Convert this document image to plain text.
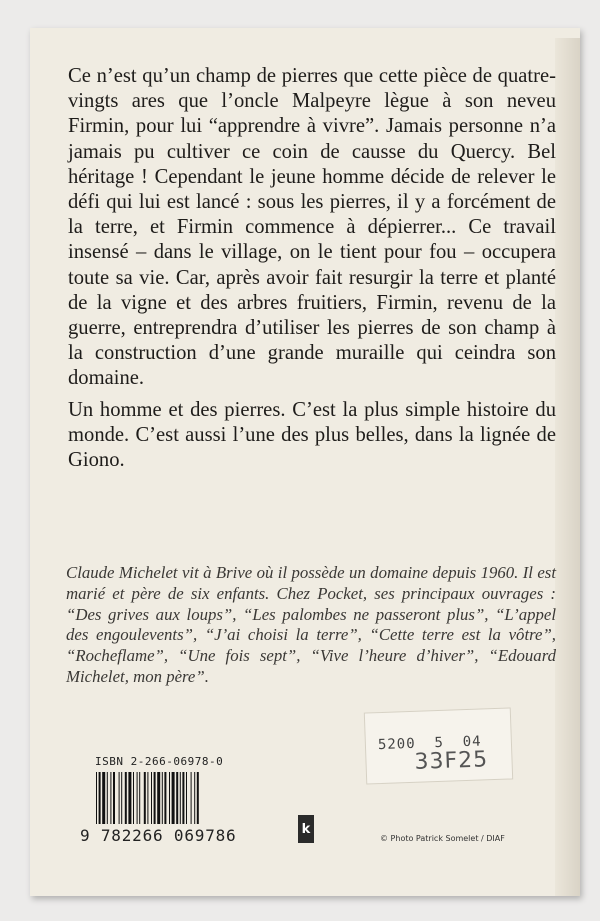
Ce n’est qu’un champ de pierres que cette pièce de quatre-vingts ares que l’oncle Malpeyre lègue à son neveu Firmin, pour lui “apprendre à vivre”. Jamais personne n’a jamais pu cultiver ce coin de causse du Quercy. Bel héritage ! Cependant le jeune homme décide de relever le défi qui lui est lancé : sous les pierres, il y a forcément de la terre, et Firmin commence à dépierrer... Ce travail insensé – dans le village, on le tient pour fou – occupera toute sa vie. Car, après avoir fait resurgir la terre et planté de la vigne et des arbres fruitiers, Firmin, revenu de la guerre, entreprendra d’utiliser les pierres de son champ à la construction d’une grande muraille qui ceindra son domaine.

Un homme et des pierres. C’est la plus simple histoire du monde. C’est aussi l’une des plus belles, dans la lignée de Giono.

Claude Michelet vit à Brive où il possède un domaine depuis 1960. Il est marié et père de six enfants. Chez Pocket, ses principaux ouvrages : “Des grives aux loups”, “Les palombes ne passeront plus”, “L’appel des engoulevents”, “J’ai choisi la terre”, “Cette terre est la vôtre”, “Rocheflame”, “Une fois sept”, “Vive l’heure d’hiver”, “Edouard Michelet, mon père”.

ISBN 2-266-06978-0
9 782266 069786	k
© Photo Patrick Somelet / DIAF
5200  5  04
33F25
